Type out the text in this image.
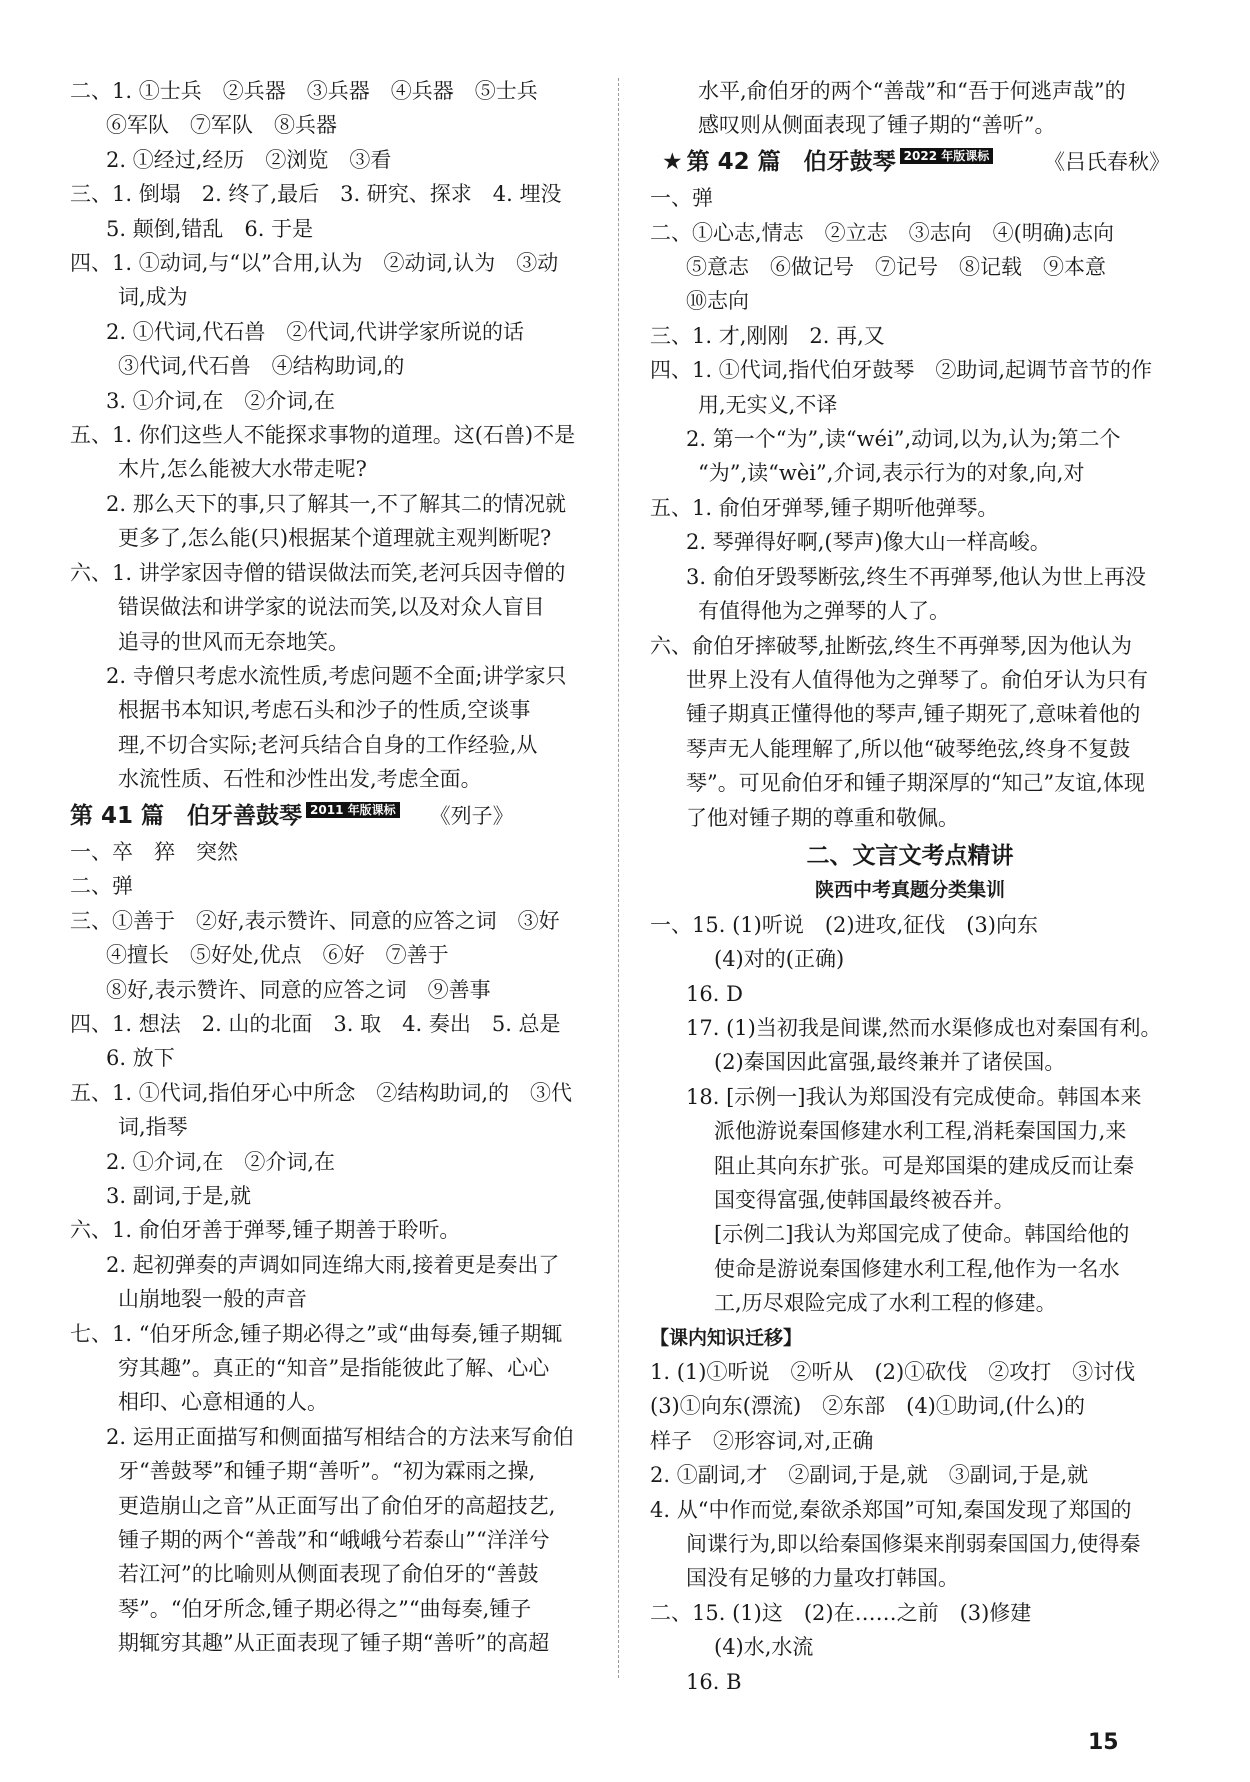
二、1. ①士兵　②兵器　③兵器　④兵器　⑤士兵
⑥军队　⑦军队　⑧兵器
2. ①经过,经历　②浏览　③看
三、1. 倒塌　2. 终了,最后　3. 研究、探求　4. 埋没
5. 颠倒,错乱　6. 于是
四、1. ①动词,与“以”合用,认为　②动词,认为　③动
词,成为
2. ①代词,代石兽　②代词,代讲学家所说的话
③代词,代石兽　④结构助词,的
3. ①介词,在　②介词,在
五、1. 你们这些人不能探求事物的道理。这(石兽)不是
木片,怎么能被大水带走呢?
2. 那么天下的事,只了解其一,不了解其二的情况就
更多了,怎么能(只)根据某个道理就主观判断呢?
六、1. 讲学家因寺僧的错误做法而笑,老河兵因寺僧的
错误做法和讲学家的说法而笑,以及对众人盲目
追寻的世风而无奈地笑。
2. 寺僧只考虑水流性质,考虑问题不全面;讲学家只
根据书本知识,考虑石头和沙子的性质,空谈事
理,不切合实际;老河兵结合自身的工作经验,从
水流性质、石性和沙性出发,考虑全面。
第 41 篇　伯牙善鼓琴 2011 年版课标 《列子》
一、卒　猝　突然
二、弹
三、①善于　②好,表示赞许、同意的应答之词　③好
④擅长　⑤好处,优点　⑥好　⑦善于
⑧好,表示赞许、同意的应答之词　⑨善事
四、1. 想法　2. 山的北面　3. 取　4. 奏出　5. 总是
6. 放下
五、1. ①代词,指伯牙心中所念　②结构助词,的　③代
词,指琴
2. ①介词,在　②介词,在
3. 副词,于是,就
六、1. 俞伯牙善于弹琴,锺子期善于聆听。
2. 起初弹奏的声调如同连绵大雨,接着更是奏出了
山崩地裂一般的声音
七、1. “伯牙所念,锺子期必得之”或“曲每奏,锺子期辄
穷其趣”。真正的“知音”是指能彼此了解、心心
相印、心意相通的人。
2. 运用正面描写和侧面描写相结合的方法来写俞伯
牙“善鼓琴”和锺子期“善听”。“初为霖雨之操,
更造崩山之音”从正面写出了俞伯牙的高超技艺,
锺子期的两个“善哉”和“峨峨兮若泰山”“洋洋兮
若江河”的比喻则从侧面表现了俞伯牙的“善鼓
琴”。“伯牙所念,锺子期必得之”“曲每奏,锺子
期辄穷其趣”从正面表现了锺子期“善听”的高超
水平,俞伯牙的两个“善哉”和“吾于何逃声哉”的
感叹则从侧面表现了锺子期的“善听”。
★ 第 42 篇　伯牙鼓琴 2022 年版课标	《吕氏春秋》
一、弹
二、①心志,情志　②立志　③志向　④(明确)志向
⑤意志　⑥做记号　⑦记号　⑧记载　⑨本意
⑩志向
三、1. 才,刚刚　2. 再,又
四、1. ①代词,指代伯牙鼓琴　②助词,起调节音节的作
用,无实义,不译
2. 第一个“为”,读“wéi”,动词,以为,认为;第二个
“为”,读“wèi”,介词,表示行为的对象,向,对
五、1. 俞伯牙弹琴,锺子期听他弹琴。
2. 琴弹得好啊,(琴声)像大山一样高峻。
3. 俞伯牙毁琴断弦,终生不再弹琴,他认为世上再没
有值得他为之弹琴的人了。
六、俞伯牙摔破琴,扯断弦,终生不再弹琴,因为他认为
世界上没有人值得他为之弹琴了。俞伯牙认为只有
锺子期真正懂得他的琴声,锺子期死了,意味着他的
琴声无人能理解了,所以他“破琴绝弦,终身不复鼓
琴”。可见俞伯牙和锺子期深厚的“知己”友谊,体现
了他对锺子期的尊重和敬佩。
二、文言文考点精讲
陕西中考真题分类集训
一、15. (1)听说　(2)进攻,征伐　(3)向东
(4)对的(正确)
16. D
17. (1)当初我是间谍,然而水渠修成也对秦国有利。
(2)秦国因此富强,最终兼并了诸侯国。
18. [示例一]我认为郑国没有完成使命。韩国本来
派他游说秦国修建水利工程,消耗秦国国力,来
阻止其向东扩张。可是郑国渠的建成反而让秦
国变得富强,使韩国最终被吞并。
[示例二]我认为郑国完成了使命。韩国给他的
使命是游说秦国修建水利工程,他作为一名水
工,历尽艰险完成了水利工程的修建。
【课内知识迁移】
1. (1)①听说　②听从　(2)①砍伐　②攻打　③讨伐
(3)①向东(漂流)　②东部　(4)①助词,(什么)的
样子　②形容词,对,正确
2. ①副词,才　②副词,于是,就　③副词,于是,就
4. 从“中作而觉,秦欲杀郑国”可知,秦国发现了郑国的
间谍行为,即以给秦国修渠来削弱秦国国力,使得秦
国没有足够的力量攻打韩国。
二、15. (1)这　(2)在……之前　(3)修建
(4)水,水流
16. B
15
